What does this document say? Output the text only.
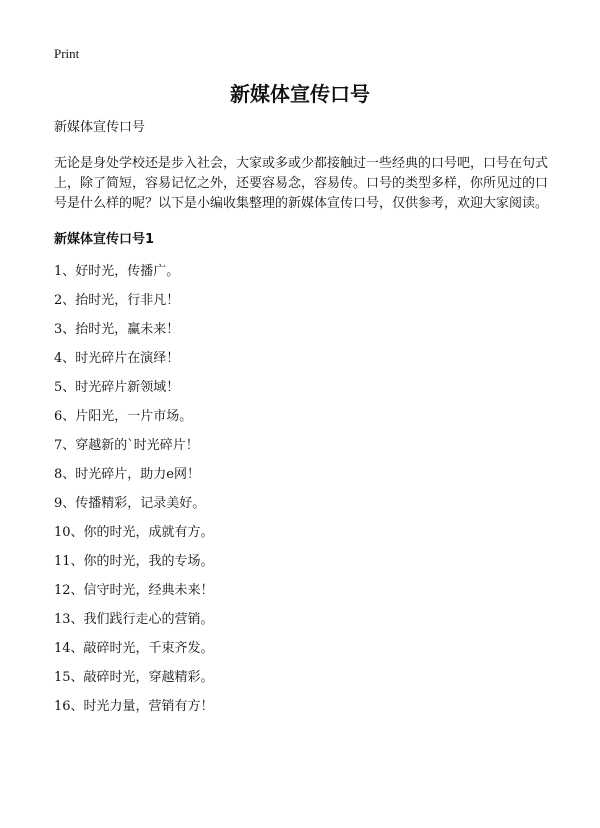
Print
新媒体宣传口号

新媒体宣传口号

无论是身处学校还是步入社会，大家或多或少都接触过一些经典的口号吧，口号在句式上，除了简短，容易记忆之外，还要容易念，容易传。口号的类型多样，你所见过的口号是什么样的呢？以下是小编收集整理的新媒体宣传口号，仅供参考，欢迎大家阅读。

新媒体宣传口号1

1、好时光，传播广。
2、抬时光，行非凡！
3、抬时光，赢未来！
4、时光碎片在演绎！
5、时光碎片新领域！
6、片阳光，一片市场。
7、穿越新的`时光碎片！
8、时光碎片，助力e网！
9、传播精彩，记录美好。
10、你的时光，成就有方。
11、你的时光，我的专场。
12、信守时光，经典未来！
13、我们践行走心的营销。
14、敲碎时光，千束齐发。
15、敲碎时光，穿越精彩。
16、时光力量，营销有方！
